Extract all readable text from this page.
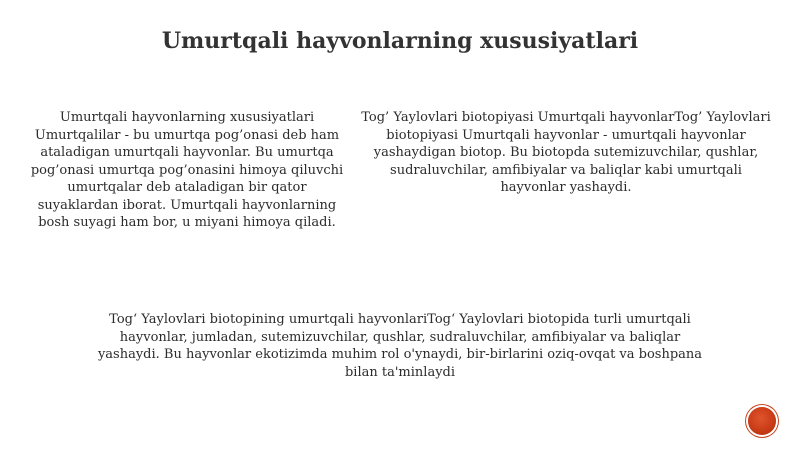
Umurtqali hayvonlarning xususiyatlari

Umurtqali hayvonlarning xususiyatlari Umurtqalilar - bu umurtqa pog’onasi deb ham ataladigan umurtqali hayvonlar. Bu umurtqa pog’onasi umurtqa pog’onasini himoya qiluvchi umurtqalar deb ataladigan bir qator suyaklardan iborat. Umurtqali hayvonlarning bosh suyagi ham bor, u miyani himoya qiladi.

Tog’ Yaylovlari biotopiyasi Umurtqali hayvonlarTog’ Yaylovlari biotopiyasi Umurtqali hayvonlar - umurtqali hayvonlar yashaydigan biotop. Bu biotopda sutemizuvchilar, qushlar, sudraluvchilar, amfibiyalar va baliqlar kabi umurtqali hayvonlar yashaydi.

Tog‘ Yaylovlari biotopining umurtqali hayvonlariTog‘ Yaylovlari biotopida turli umurtqali hayvonlar, jumladan, sutemizuvchilar, qushlar, sudraluvchilar, amfibiyalar va baliqlar yashaydi. Bu hayvonlar ekotizimda muhim rol o'ynaydi, bir-birlarini oziq-ovqat va boshpana bilan ta'minlaydi
